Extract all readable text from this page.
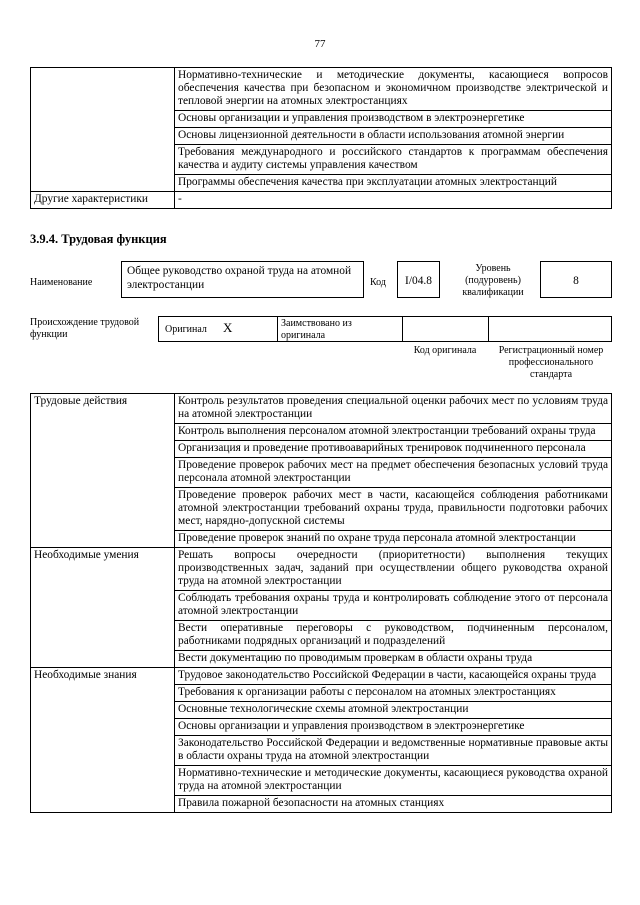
77
	Нормативно-технические и методические документы, касающиеся вопросов обеспечения качества при безопасном и экономичном производстве электрической и тепловой энергии на атомных электростанциях
	Основы организации и управления производством в электроэнергетике
	Основы лицензионной деятельности в области использования атомной энергии
	Требования международного и российского стандартов к программам обеспечения качества и аудиту системы управления качеством
	Программы обеспечения качества при эксплуатации атомных электростанций
Другие характеристики	-
3.9.4. Трудовая функция
Наименование
Общее руководство охраной труда на атомной электростанции	Код	I/04.8
Уровень (подуровень) квалификации
8
Происхождение трудовой функции	Оригинал X	Заимствовано из оригинала
Код оригинала	Регистрационный номер профессионального стандарта
Трудовые действия	Контроль результатов проведения специальной оценки рабочих мест по условиям труда на атомной электростанции
	Контроль выполнения персоналом атомной электростанции требований охраны труда
	Организация и проведение противоаварийных тренировок подчиненного персонала
	Проведение проверок рабочих мест на предмет обеспечения безопасных условий труда персонала атомной электростанции
	Проведение проверок рабочих мест в части, касающейся соблюдения работниками атомной электростанции требований охраны труда, правильности подготовки рабочих мест, нарядно-допускной системы
	Проведение проверок знаний по охране труда персонала атомной электростанции
Необходимые умения	Решать вопросы очередности (приоритетности) выполнения текущих производственных задач, заданий при осуществлении общего руководства охраной труда на атомной электростанции
	Соблюдать требования охраны труда и контролировать соблюдение этого от персонала атомной электростанции
	Вести оперативные переговоры с руководством, подчиненным персоналом, работниками подрядных организаций и подразделений
	Вести документацию по проводимым проверкам в области охраны труда
Необходимые знания	Трудовое законодательство Российской Федерации в части, касающейся охраны труда
	Требования к организации работы с персоналом на атомных электростанциях
	Основные технологические схемы атомной электростанции
	Основы организации и управления производством в электроэнергетике
	Законодательство Российской Федерации и ведомственные нормативные правовые акты в области охраны труда на атомной электростанции
	Нормативно-технические и методические документы, касающиеся руководства охраной труда на атомной электростанции
	Правила пожарной безопасности на атомных станциях
